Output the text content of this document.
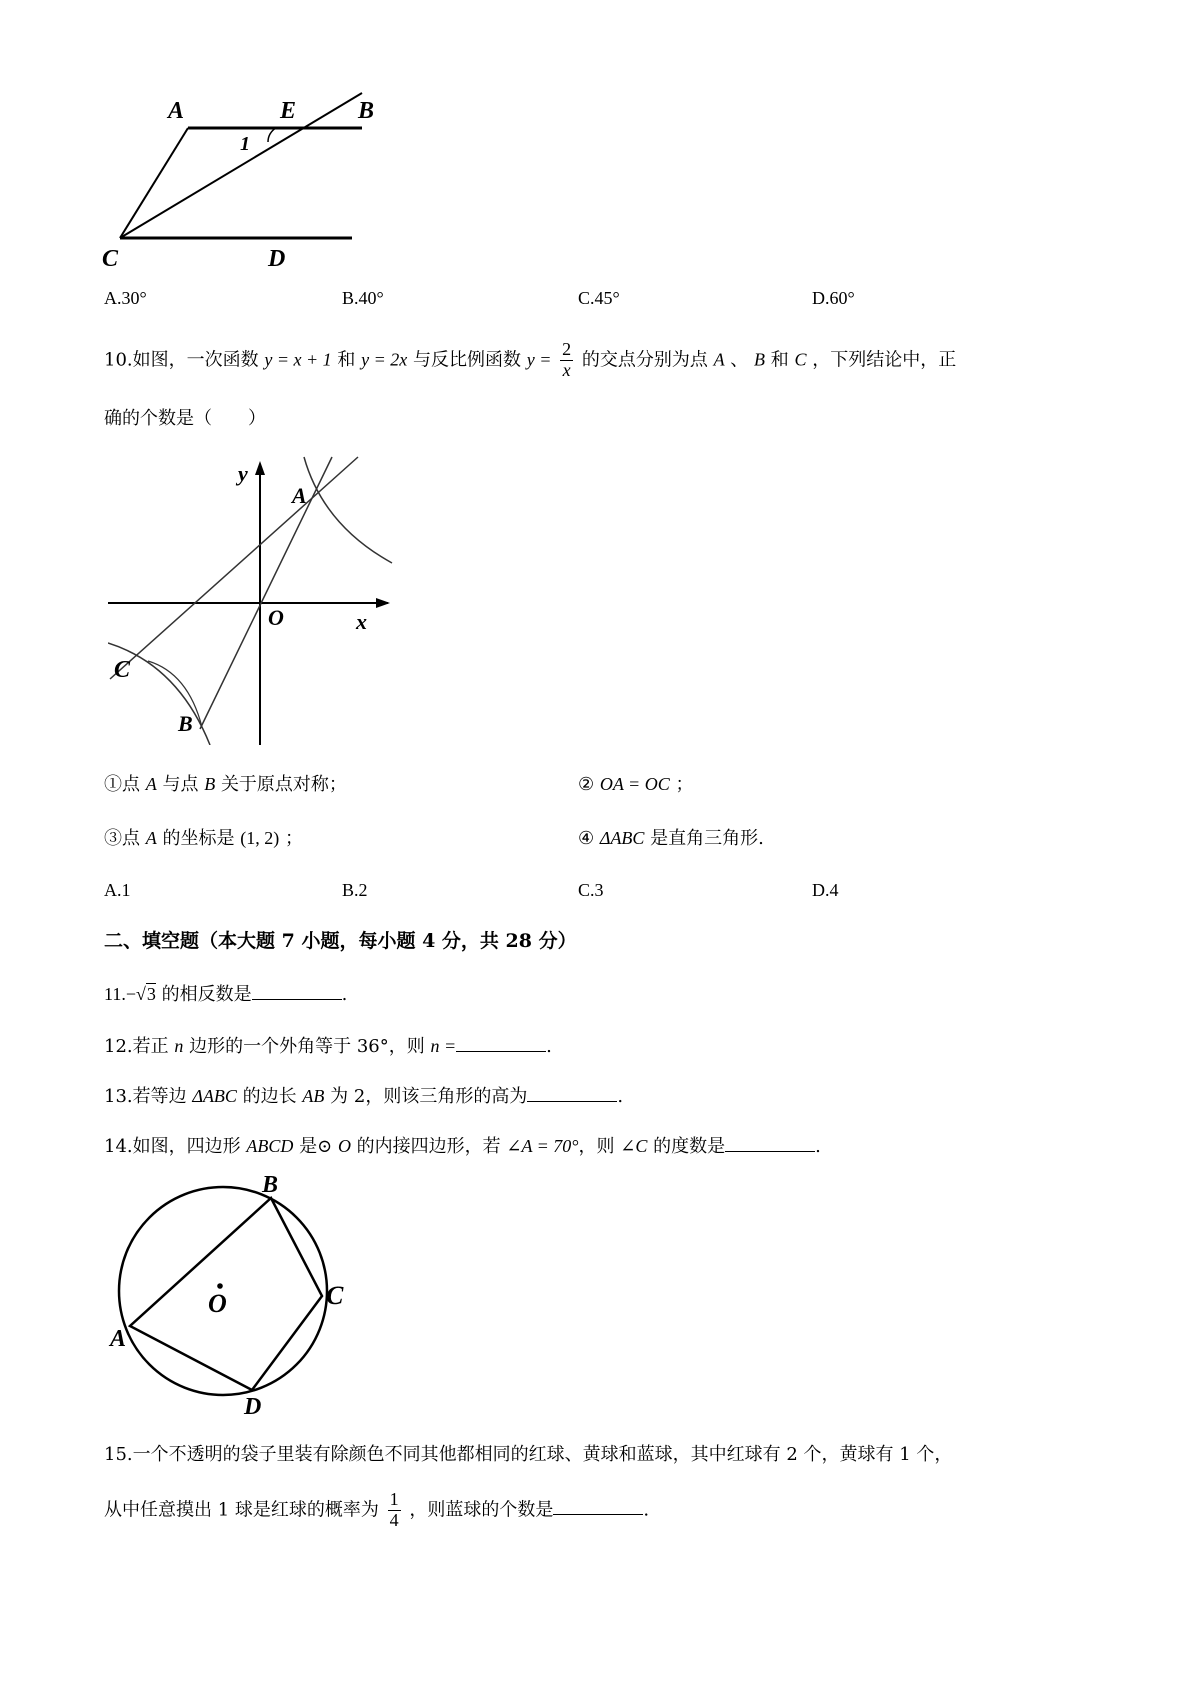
A	E	B
1
C	D
A.30°	B.40°	C.45°	D.60°
10.如图，一次函数 y = x + 1 和 y = 2x 与反比例函数 $y = \frac{2}{x}$ 的交点分别为点 A 、 B 和 C ，下列结论中，正
确的个数是（　　）
y
A
O	x
C
B
①点 A 与点 B 关于原点对称；	② OA = OC ；
③点 A 的坐标是 (1, 2) ；	④ ΔABC 是直角三角形.
A.1	B.2	C.3	D.4
二、填空题（本大题 7 小题，每小题 4 分，共 28 分）
11.−√3 的相反数是	.
12.若正 n 边形的一个外角等于 36°，则 n =	.
13.若等边 ΔABC 的边长 AB 为 2，则该三角形的高为	.
14.如图，四边形 ABCD 是⊙ O 的内接四边形，若 ∠A = 70°，则 ∠C 的度数是	.
B
C
O
A
D
15.一个不透明的袋子里装有除颜色不同其他都相同的红球、黄球和蓝球，其中红球有 2 个，黄球有 1 个，
从中任意摸出 1 球是红球的概率为 $\frac{1}{4}$ ，则蓝球的个数是	.
